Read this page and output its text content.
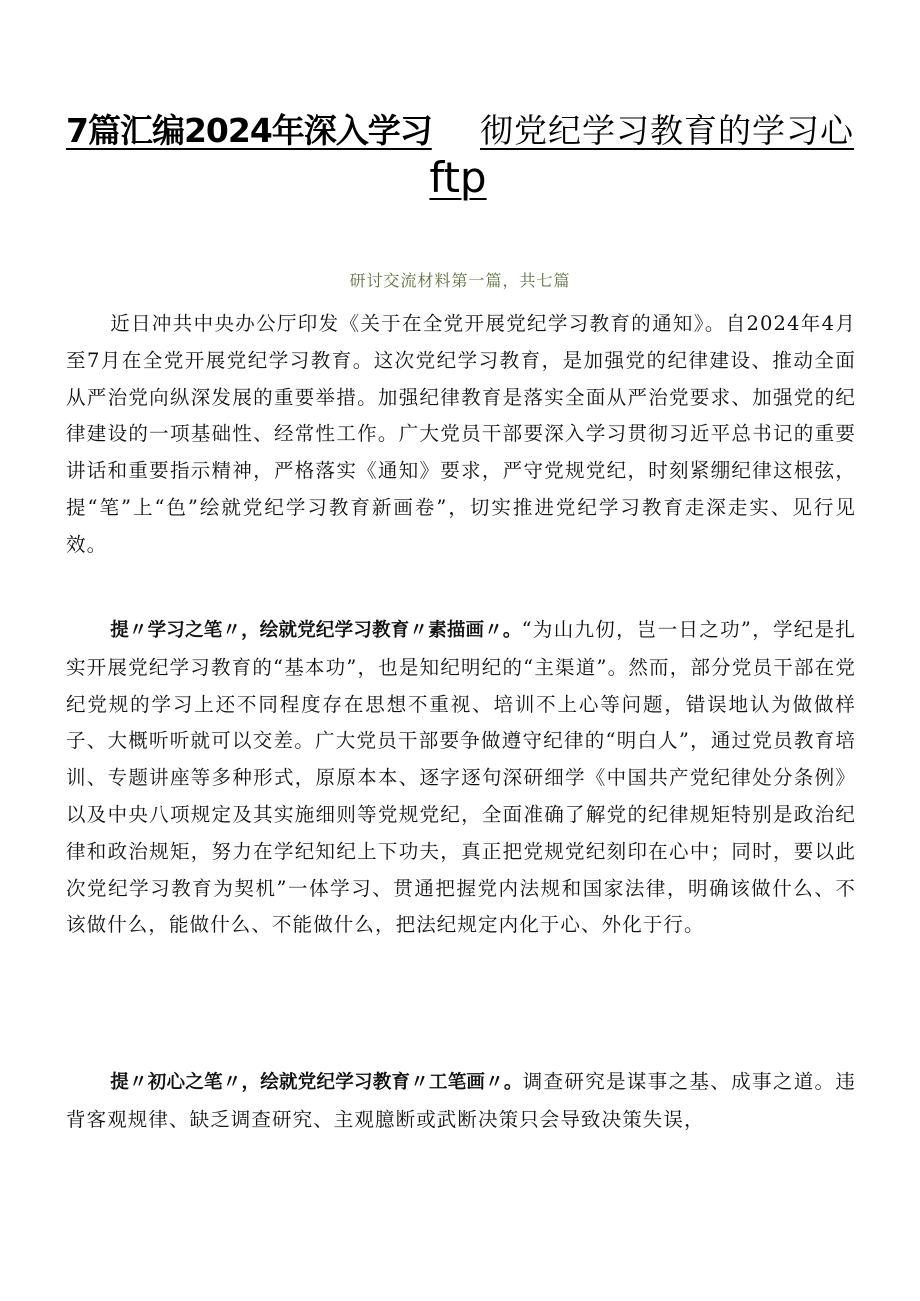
7篇汇编2024年深入学习 彻党纪学习教育的学习心
ftp
研讨交流材料第一篇，共七篇
近日冲共中央办公厅印发《关于在全党开展党纪学习教育的通知》。自2024年4月至7月在全党开展党纪学习教育。这次党纪学习教育，是加强党的纪律建设、推动全面从严治党向纵深发展的重要举措。加强纪律教育是落实全面从严治党要求、加强党的纪律建设的一项基础性、经常性工作。广大党员干部要深入学习贯彻习近平总书记的重要讲话和重要指示精神，严格落实《通知》要求，严守党规党纪，时刻紧绷纪律这根弦，提“笔”上“色”绘就党纪学习教育新画卷”，切实推进党纪学习教育走深走实、见行见效。
提〃学习之笔〃，绘就党纪学习教育〃素描画〃。“为山九仞，岂一日之功”，学纪是扎实开展党纪学习教育的“基本功”，也是知纪明纪的“主渠道”。然而，部分党员干部在党纪党规的学习上还不同程度存在思想不重视、培训不上心等问题，错误地认为做做样子、大概听听就可以交差。广大党员干部要争做遵守纪律的“明白人”，通过党员教育培训、专题讲座等多种形式，原原本本、逐字逐句深研细学《中国共产党纪律处分条例》以及中央八项规定及其实施细则等党规党纪，全面准确了解党的纪律规矩特别是政治纪律和政治规矩，努力在学纪知纪上下功夫，真正把党规党纪刻印在心中；同时，要以此次党纪学习教育为契机”一体学习、贯通把握党内法规和国家法律，明确该做什么、不该做什么，能做什么、不能做什么，把法纪规定内化于心、外化于行。
提〃初心之笔〃，绘就党纪学习教育〃工笔画〃。调查研究是谋事之基、成事之道。违背客观规律、缺乏调查研究、主观臆断或武断决策只会导致决策失误，
